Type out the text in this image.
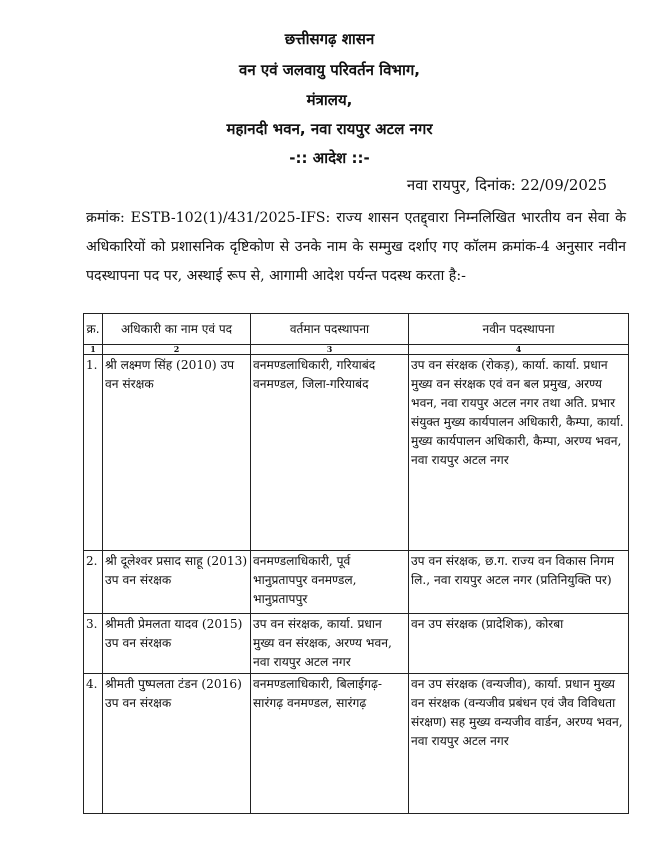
छत्तीसगढ़ शासन
वन एवं जलवायु परिवर्तन विभाग,
मंत्रालय,
महानदी भवन, नवा रायपुर अटल नगर
-:: आदेश ::-
नवा रायपुर, दिनांक: 22/09/2025
क्रमांक: ESTB-102(1)/431/2025-IFS: राज्य शासन एतद्द्वारा निम्नलिखित भारतीय वन सेवा के अधिकारियों को प्रशासनिक दृष्टिकोण से उनके नाम के सम्मुख दर्शाए गए कॉलम क्रमांक-4 अनुसार नवीन पदस्थापना पद पर, अस्थाई रूप से, आगामी आदेश पर्यन्त पदस्थ करता है:-
क्र.	अधिकारी का नाम एवं पद	वर्तमान पदस्थापना	नवीन पदस्थापना
1	2	3	4
1.	श्री लक्ष्मण सिंह (2010) उप वन संरक्षक	वनमण्डलाधिकारी, गरियाबंद वनमण्डल, जिला-गरियाबंद	उप वन संरक्षक (रोकड़), कार्या. कार्या. प्रधान मुख्य वन संरक्षक एवं वन बल प्रमुख, अरण्य भवन, नवा रायपुर अटल नगर तथा अति. प्रभार संयुक्त मुख्य कार्यपालन अधिकारी, कैम्पा, कार्या. मुख्य कार्यपालन अधिकारी, कैम्पा, अरण्य भवन, नवा रायपुर अटल नगर
2.	श्री दूलेश्वर प्रसाद साहू (2013) उप वन संरक्षक	वनमण्डलाधिकारी, पूर्व भानुप्रतापपुर वनमण्डल, भानुप्रतापपुर	उप वन संरक्षक, छ.ग. राज्य वन विकास निगम लि., नवा रायपुर अटल नगर (प्रतिनियुक्ति पर)
3.	श्रीमती प्रेमलता यादव (2015) उप वन संरक्षक	उप वन संरक्षक, कार्या. प्रधान मुख्य वन संरक्षक, अरण्य भवन, नवा रायपुर अटल नगर	वन उप संरक्षक (प्रादेशिक), कोरबा
4.	श्रीमती पुष्पलता टंडन (2016) उप वन संरक्षक	वनमण्डलाधिकारी, बिलाईगढ़-सारंगढ़ वनमण्डल, सारंगढ़	वन उप संरक्षक (वन्यजीव), कार्या. प्रधान मुख्य वन संरक्षक (वन्यजीव प्रबंधन एवं जैव विविधता संरक्षण) सह मुख्य वन्यजीव वार्डन, अरण्य भवन, नवा रायपुर अटल नगर
